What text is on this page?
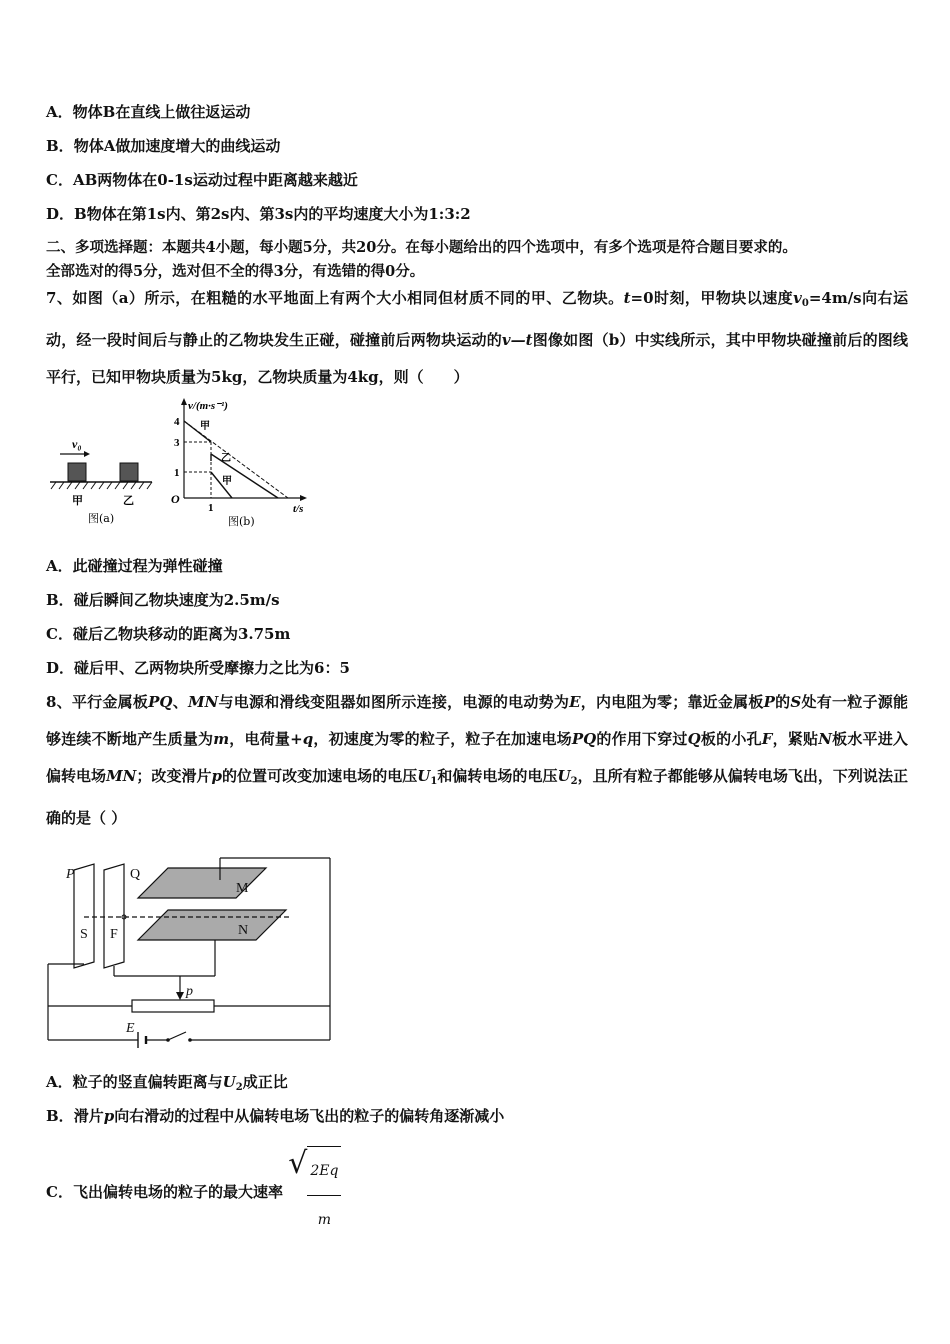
A．物体B在直线上做往返运动
B．物体A做加速度增大的曲线运动
C．AB两物体在0-1s运动过程中距离越来越近
D．B物体在第1s内、第2s内、第3s内的平均速度大小为1:3:2
二、多项选择题：本题共4小题，每小题5分，共20分。在每小题给出的四个选项中，有多个选项是符合题目要求的。
全部选对的得5分，选对但不全的得3分，有选错的得0分。
7、如图（a）所示，在粗糙的水平地面上有两个大小相同但材质不同的甲、乙物块。t=0时刻，甲物块以速度$v_0=4m/s$向右运动，经一段时间后与静止的乙物块发生正碰，碰撞前后两物块运动的v—t图像如图（b）中实线所示，其中甲物块碰撞前后的图线平行，已知甲物块质量为5kg，乙物块质量为4kg，则（　　）
v₀
甲	乙
图(a)
v/(m·s⁻¹)
t/s
4
3
1
O
1
甲
乙
甲
图(b)
A．此碰撞过程为弹性碰撞
B．碰后瞬间乙物块速度为2.5m/s
C．碰后乙物块移动的距离为3.75m
D．碰后甲、乙两物块所受摩擦力之比为6：5
8、平行金属板PQ、MN与电源和滑线变阻器如图所示连接，电源的电动势为E，内电阻为零；靠近金属板P的S处有一粒子源能够连续不断地产生质量为m，电荷量+q，初速度为零的粒子，粒子在加速电场PQ的作用下穿过Q板的小孔F，紧贴N板水平进入偏转电场MN；改变滑片p的位置可改变加速电场的电压$U_1$和偏转电场的电压$U_2$，且所有粒子都能够从偏转电场飞出，下列说法正确的是（ ）
P	Q
S F
M
N
p
E
A．粒子的竖直偏转距离与$U_2$成正比
B．滑片p向右滑动的过程中从偏转电场飞出的粒子的偏转角逐渐减小
C．飞出偏转电场的粒子的最大速率
√ $\frac{2Eq}{m}$
